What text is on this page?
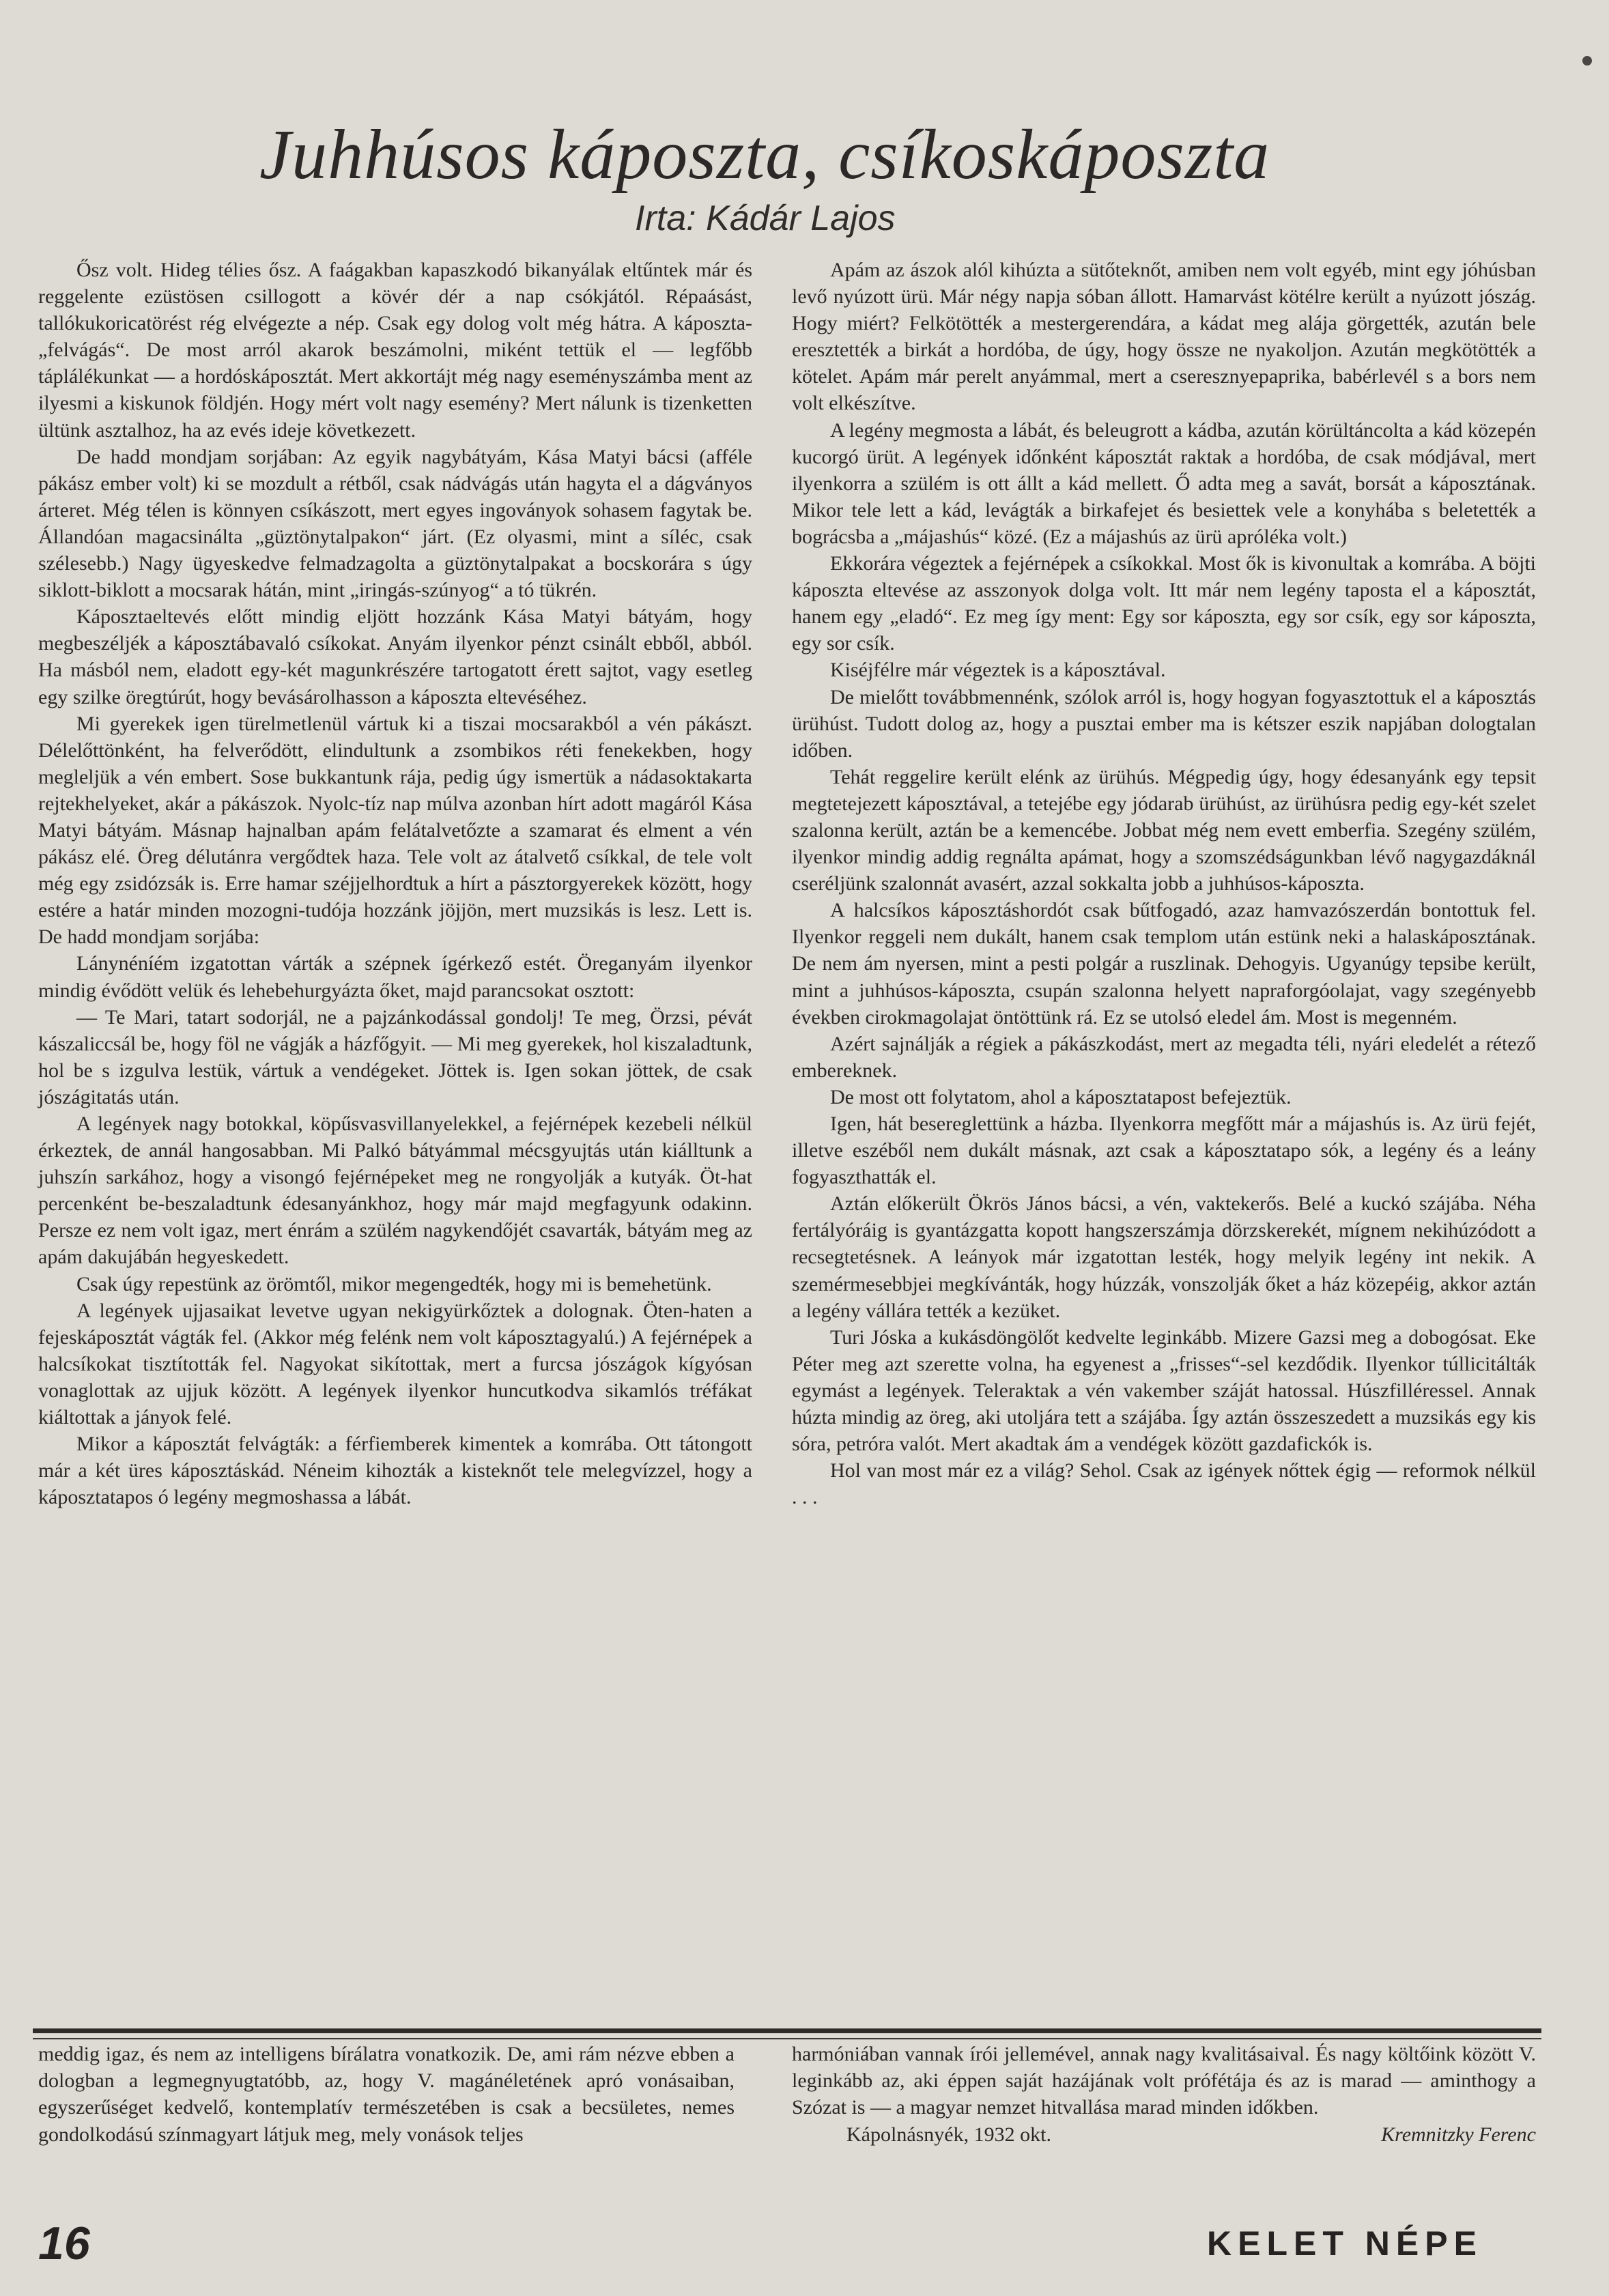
Juhhúsos káposzta, csíkoskáposzta
Irta: Kádár Lajos

Ősz volt. Hideg télies ősz. A faágakban kapaszkodó bikanyálak eltűntek már és reggelente ezüstösen csillogott a kövér dér a nap csókjától. Répaásást, tallókukoricatörést rég elvégezte a nép. Csak egy dolog volt még hátra. A káposzta-„felvágás“. De most arról akarok beszámolni, miként tettük el — legfőbb táplálékunkat — a hordóskáposztát. Mert akkortájt még nagy eseményszámba ment az ilyesmi a kiskunok földjén. Hogy mért volt nagy esemény? Mert nálunk is tizenketten ültünk asztalhoz, ha az evés ideje következett.

De hadd mondjam sorjában: Az egyik nagybátyám, Kása Matyi bácsi (afféle pákász ember volt) ki se mozdult a rétből, csak nádvágás után hagyta el a dágványos árteret. Még télen is könnyen csíkászott, mert egyes ingoványok sohasem fagytak be. Állandóan magacsinálta „güztönytalpakon“ járt. (Ez olyasmi, mint a síléc, csak szélesebb.) Nagy ügyeskedve felmadzagolta a güztönytalpakat a bocskorára s úgy siklott-biklott a mocsarak hátán, mint „iringás-szúnyog“ a tó tükrén.

Káposztaeltevés előtt mindig eljött hozzánk Kása Matyi bátyám, hogy megbeszéljék a káposztábavaló csíkokat. Anyám ilyenkor pénzt csinált ebből, abból. Ha másból nem, eladott egy-két magunkrészére tartogatott érett sajtot, vagy esetleg egy szilke öregtúrút, hogy bevásárolhasson a káposzta eltevéséhez.

Mi gyerekek igen türelmetlenül vártuk ki a tiszai mocsarakból a vén pákászt. Délelőttönként, ha felverődött, elindultunk a zsombikos réti fenekekben, hogy megleljük a vén embert. Sose bukkantunk rája, pedig úgy ismertük a nádasoktakarta rejtekhelyeket, akár a pákászok. Nyolc-tíz nap múlva azonban hírt adott magáról Kása Matyi bátyám. Másnap hajnalban apám felátalvetőzte a szamarat és elment a vén pákász elé. Öreg délutánra vergődtek haza. Tele volt az átalvető csíkkal, de tele volt még egy zsidózsák is. Erre hamar széjjelhordtuk a hírt a pásztorgyerekek között, hogy estére a határ minden mozogni-tudója hozzánk jöjjön, mert muzsikás is lesz. Lett is. De hadd mondjam sorjába:

Lánynéníém izgatottan várták a szépnek ígérkező estét. Öreganyám ilyenkor mindig évődött velük és lehebehurgyázta őket, majd parancsokat osztott:

— Te Mari, tatart sodorjál, ne a pajzánkodással gondolj! Te meg, Örzsi, pévát kászaliccsál be, hogy föl ne vágják a házfőgyit. — Mi meg gyerekek, hol kiszaladtunk, hol be s izgulva lestük, vártuk a vendégeket. Jöttek is. Igen sokan jöttek, de csak jószágitatás után.

A legények nagy botokkal, köpűsvasvillanyelekkel, a fejérnépek kezebeli nélkül érkeztek, de annál hangosabban. Mi Palkó bátyámmal mécsgyujtás után kiálltunk a juhszín sarkához, hogy a visongó fejérnépeket meg ne rongyolják a kutyák. Öt-hat percenként be-beszaladtunk édesanyánkhoz, hogy már majd megfagyunk odakinn. Persze ez nem volt igaz, mert énrám a szülém nagykendőjét csavarták, bátyám meg az apám dakujábán hegyeskedett.

Csak úgy repestünk az örömtől, mikor megengedték, hogy mi is bemehetünk.

A legények ujjasaikat levetve ugyan nekigyürkőztek a dolognak. Öten-haten a fejeskáposztát vágták fel. (Akkor még felénk nem volt káposztagyalú.) A fejérnépek a halcsíkokat tisztították fel. Nagyokat sikítottak, mert a furcsa jószágok kígyósan vonaglottak az ujjuk között. A legények ilyenkor huncutkodva sikamlós tréfákat kiáltottak a jányok felé.

Mikor a káposztát felvágták: a férfiemberek kimentek a komrába. Ott tátongott már a két üres káposztáskád. Néneim kihozták a kisteknőt tele melegvízzel, hogy a káposztatapos ó legény megmoshassa a lábát.

Apám az ászok alól kihúzta a sütőteknőt, amiben nem volt egyéb, mint egy jóhúsban levő nyúzott ürü. Már négy napja sóban állott. Hamarvást kötélre került a nyúzott jószág. Hogy miért? Felkötötték a mestergerendára, a kádat meg alája görgették, azután bele eresztették a birkát a hordóba, de úgy, hogy össze ne nyakoljon. Azután megkötötték a kötelet. Apám már perelt anyámmal, mert a cseresznyepaprika, babérlevél s a bors nem volt elkészítve.

A legény megmosta a lábát, és beleugrott a kádba, azután körültáncolta a kád közepén kucorgó ürüt. A legények időnként káposztát raktak a hordóba, de csak módjával, mert ilyenkorra a szülém is ott állt a kád mellett. Ő adta meg a savát, borsát a káposztának. Mikor tele lett a kád, levágták a birkafejet és besiettek vele a konyhába s beletették a bográcsba a „májashús“ közé. (Ez a májashús az ürü aprólékа volt.)

Ekkorára végeztek a fejérnépek a csíkokkal. Most ők is kivonultak a komrába. A böjti káposzta eltevése az asszonyok dolga volt. Itt már nem legény taposta el a káposztát, hanem egy „eladó“. Ez meg így ment: Egy sor káposzta, egy sor csík, egy sor káposzta, egy sor csík.

Kiséjfélre már végeztek is a káposztával.

De mielőtt továbbmennénk, szólok arról is, hogy hogyan fogyasztottuk el a káposztás ürühúst. Tudott dolog az, hogy a pusztai ember ma is kétszer eszik napjában dologtalan időben.

Tehát reggelire került elénk az ürühús. Mégpedig úgy, hogy édesanyánk egy tepsit megtetejezett káposztával, a tetejébe egy jódarab ürühúst, az ürühúsra pedig egy-két szelet szalonna került, aztán be a kemencébe. Jobbat még nem evett emberfia. Szegény szülém, ilyenkor mindig addig regnálta apámat, hogy a szomszédságunkban lévő nagygazdáknál cseréljünk szalonnát avasért, azzal sokkalta jobb a juhhúsos-káposzta.

A halcsíkos káposztáshordót csak bűtfogadó, azaz hamvazószerdán bontottuk fel. Ilyenkor reggeli nem dukált, hanem csak templom után estünk neki a halaskáposztának. De nem ám nyersen, mint a pesti polgár a ruszlinak. Dehogyis. Ugyanúgy tepsibe került, mint a juhhúsos-káposzta, csupán szalonna helyett napraforgóolajat, vagy szegényebb években cirokmagolajat öntöttünk rá. Ez se utolsó eledel ám. Most is megenném.

Azért sajnálják a régiek a pákászkodást, mert az megadta téli, nyári eledelét a rétező embereknek.

De most ott folytatom, ahol a káposztatapost befejeztük.

Igen, hát besereglettünk a házba. Ilyenkorra megfőtt már a májashús is. Az ürü fejét, illetve eszéből nem dukált másnak, azt csak a káposztatapo sók, a legény és a leány fogyaszthatták el.

Aztán előkerült Ökrös János bácsi, a vén, vaktekerős. Belé a kuckó szájába. Néha fertályóráig is gyantázgatta kopott hangszerszámja dörzskerekét, mígnem nekihúzódott a recsegtetésnek. A leányok már izgatottan lesték, hogy melyik legény int nekik. A szemérmesebbjei megkívánták, hogy húzzák, vonszolják őket a ház közepéig, akkor aztán a legény vállára tették a kezüket.

Turi Jóska a kukásdöngölőt kedvelte leginkább. Mizere Gazsi meg a dobogósat. Eke Péter meg azt szerette volna, ha egyenest a „frisses“-sel kezdődik. Ilyenkor túllicitálták egymást a legények. Teleraktak a vén vakember száját hatossal. Húszfilléressel. Annak húzta mindig az öreg, aki utoljára tett a szájába. Így aztán összeszedett a muzsikás egy kis sóra, petróra valót. Mert akadtak ám a vendégek között gazdafickók is.

Hol van most már ez a világ? Sehol. Csak az igények nőttek égig — reformok nélkül . . .

meddig igaz, és nem az intelligens bírálatra vonatkozik. De, ami rám nézve ebben a dologban a legmegnyugtatóbb, az, hogy V. magánéletének apró vonásaiban, egyszerűséget kedvelő, kontemplatív természetében is csak a becsületes, nemes gondolkodású színmagyart látjuk meg, mely vonások teljes

harmóniában vannak írói jellemével, annak nagy kvalitásaival. És nagy költőink között V. leginkább az, aki éppen saját hazájának volt prófétája és az is marad — aminthogy a Szózat is — a magyar nemzet hitvallása marad minden időkben.

Kápolnásnyék, 1932 okt.	Kremnitzky Ferenc
16	KELET NÉPE
